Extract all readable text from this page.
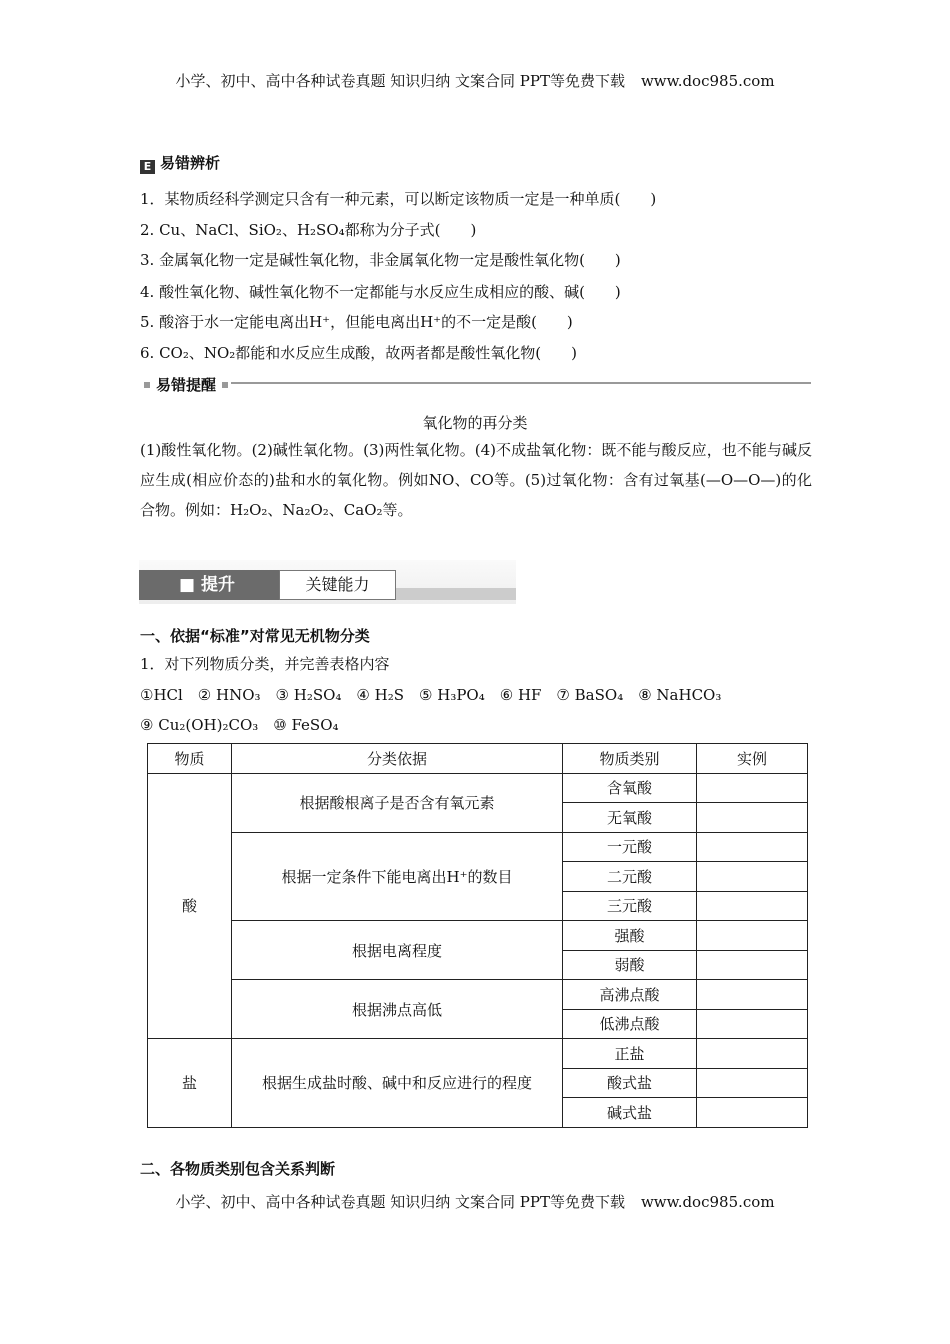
小学、初中、高中各种试卷真题 知识归纳 文案合同 PPT等免费下载 www.doc985.com
E 易错辨析
1．某物质经科学测定只含有一种元素，可以断定该物质一定是一种单质(　　)
2. Cu、NaCl、SiO₂、H₂SO₄都称为分子式(　　)
3. 金属氧化物一定是碱性氧化物，非金属氧化物一定是酸性氧化物(　　)
4. 酸性氧化物、碱性氧化物不一定都能与水反应生成相应的酸、碱(　　)
5. 酸溶于水一定能电离出H⁺，但能电离出H⁺的不一定是酸(　　)
6. CO₂、NO₂都能和水反应生成酸，故两者都是酸性氧化物(　　)
易错提醒
氧化物的再分类
(1)酸性氧化物。(2)碱性氧化物。(3)两性氧化物。(4)不成盐氧化物：既不能与酸反应，也不能与碱反应生成(相应价态的)盐和水的氧化物。例如NO、CO等。(5)过氧化物：含有过氧基(—O—O—)的化合物。例如：H₂O₂、Na₂O₂、CaO₂等。
■ 提升	关键能力
一、依据“标准”对常见无机物分类
1．对下列物质分类，并完善表格内容
①HCl　② HNO₃　③ H₂SO₄　④ H₂S　⑤ H₃PO₄　⑥ HF　⑦ BaSO₄　⑧ NaHCO₃
⑨ Cu₂(OH)₂CO₃　⑩ FeSO₄
物质	分类依据	物质类别	实例
酸	根据酸根离子是否含有氧元素	含氧酸	
		无氧酸	
	根据一定条件下能电离出H⁺的数目	一元酸	
		二元酸	
		三元酸	
	根据电离程度	强酸	
		弱酸	
	根据沸点高低	高沸点酸	
		低沸点酸	
盐	根据生成盐时酸、碱中和反应进行的程度	正盐	
		酸式盐	
		碱式盐	
二、各物质类别包含关系判断
小学、初中、高中各种试卷真题 知识归纳 文案合同 PPT等免费下载 www.doc985.com
